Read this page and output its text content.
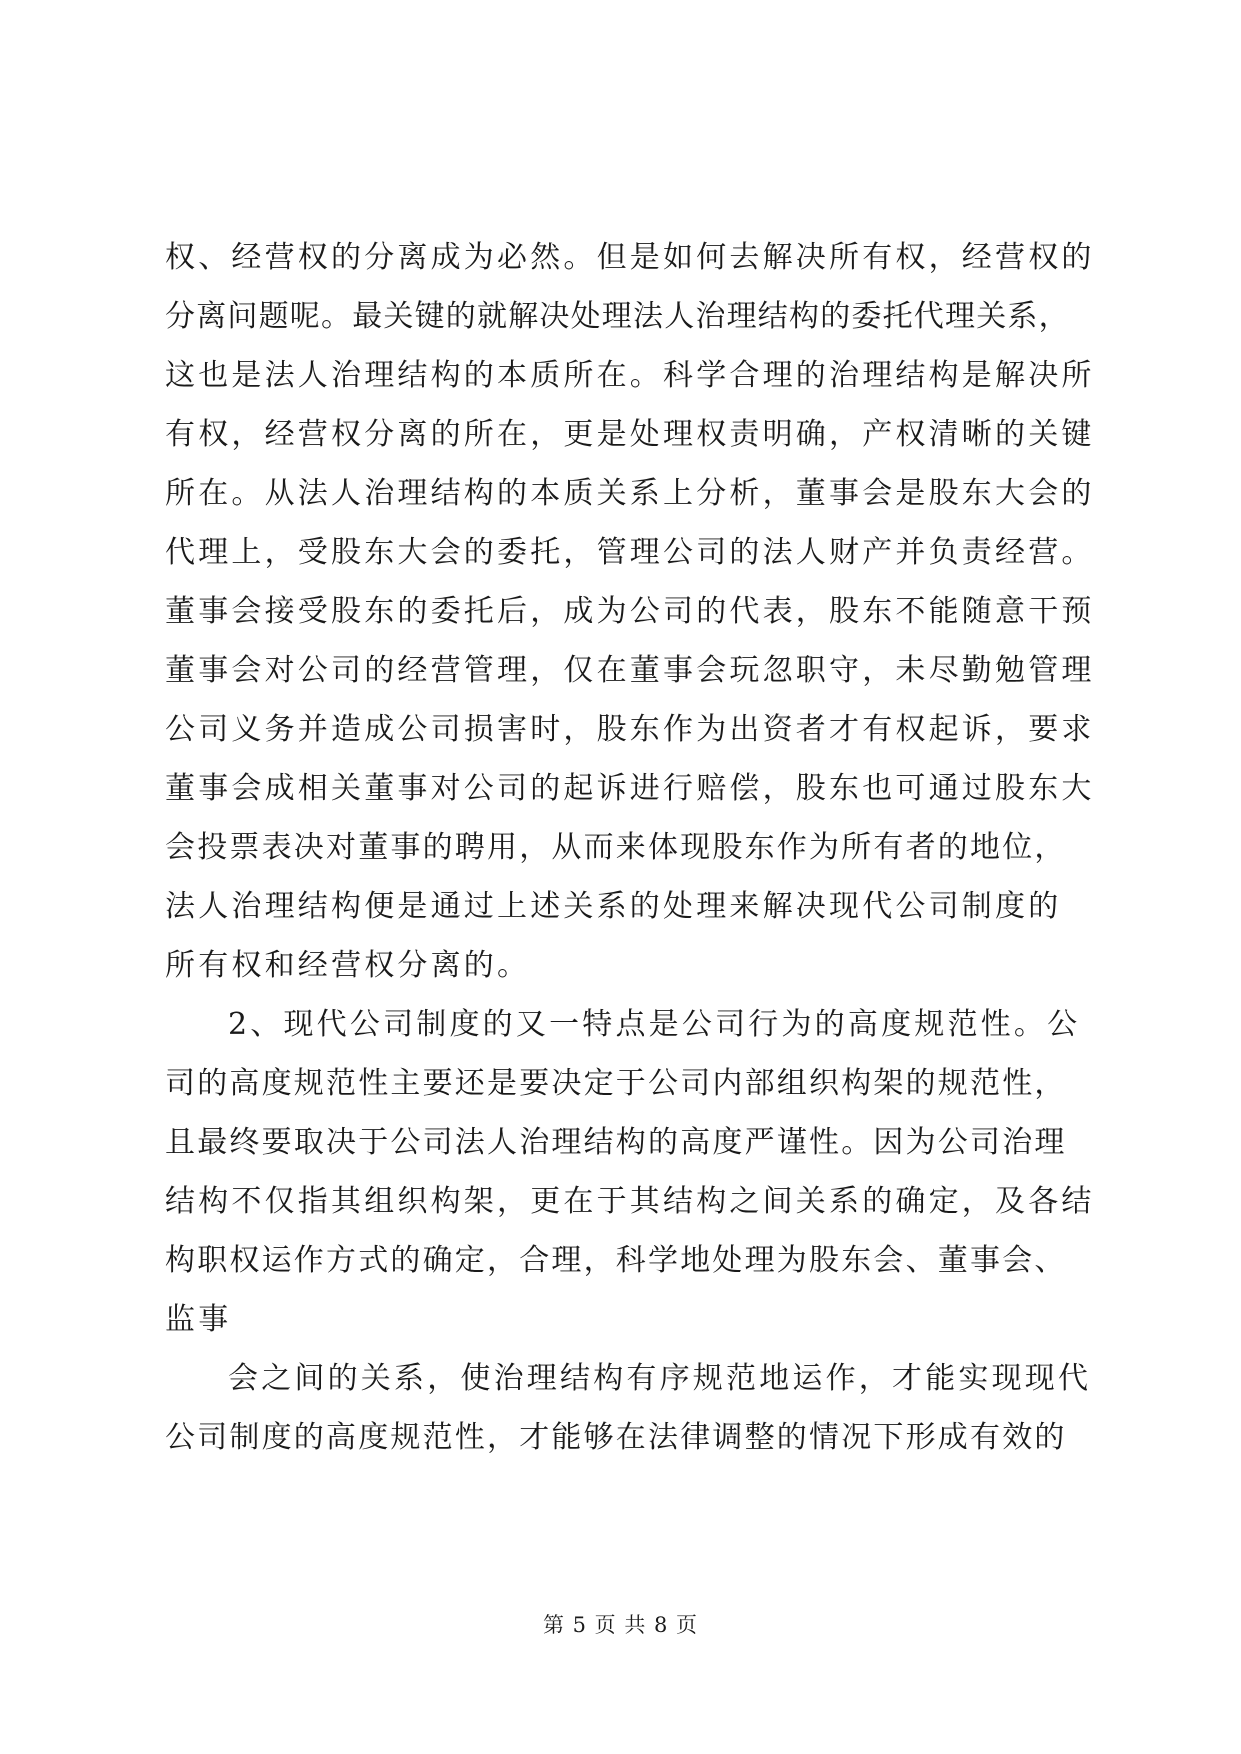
权、经营权的分离成为必然。但是如何去解决所有权，经营权的
分离问题呢。最关键的就解决处理法人治理结构的委托代理关系，
这也是法人治理结构的本质所在。科学合理的治理结构是解决所
有权，经营权分离的所在，更是处理权责明确，产权清晰的关键
所在。从法人治理结构的本质关系上分析，董事会是股东大会的
代理上，受股东大会的委托，管理公司的法人财产并负责经营。
董事会接受股东的委托后，成为公司的代表，股东不能随意干预
董事会对公司的经营管理，仅在董事会玩忽职守，未尽勤勉管理
公司义务并造成公司损害时，股东作为出资者才有权起诉，要求
董事会成相关董事对公司的起诉进行赔偿，股东也可通过股东大
会投票表决对董事的聘用，从而来体现股东作为所有者的地位，
法人治理结构便是通过上述关系的处理来解决现代公司制度的
所有权和经营权分离的。
2、现代公司制度的又一特点是公司行为的高度规范性。公
司的高度规范性主要还是要决定于公司内部组织构架的规范性，
且最终要取决于公司法人治理结构的高度严谨性。因为公司治理
结构不仅指其组织构架，更在于其结构之间关系的确定，及各结
构职权运作方式的确定，合理，科学地处理为股东会、董事会、
监事
会之间的关系，使治理结构有序规范地运作，才能实现现代
公司制度的高度规范性，才能够在法律调整的情况下形成有效的
第 5 页 共 8 页
